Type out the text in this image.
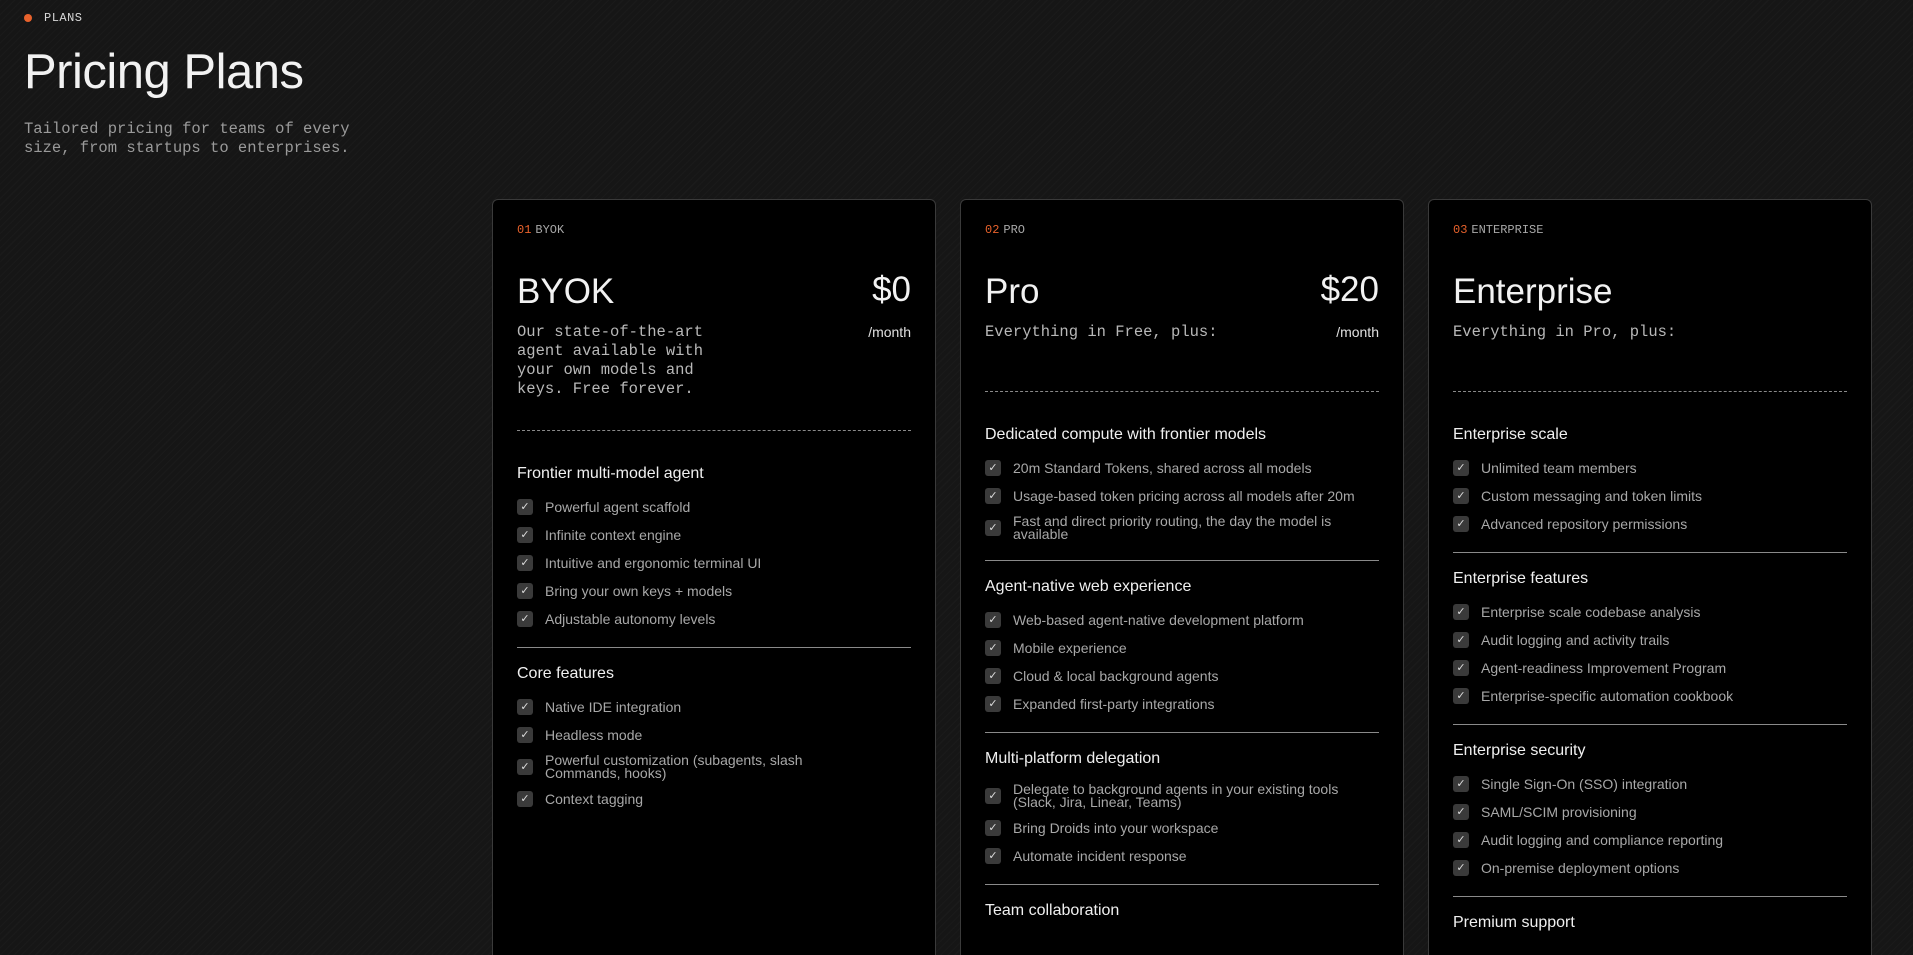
PLANS
Pricing Plans

Tailored pricing for teams of every size, from startups to enterprises.

01 BYOK
BYOK	$0
/month
Our state-of-the-art agent available with your own models and keys. Free forever.
Frontier multi-model agent
✓ Powerful agent scaffold
✓ Infinite context engine
✓ Intuitive and ergonomic terminal UI
✓ Bring your own keys + models
✓ Adjustable autonomy levels
Core features
✓ Native IDE integration
✓ Headless mode
✓ Powerful customization (subagents, slash Commands, hooks)
✓ Context tagging
02 PRO
Pro	$20
/month
Everything in Free, plus:
Dedicated compute with frontier models
✓ 20m Standard Tokens, shared across all models
✓ Usage-based token pricing across all models after 20m
✓ Fast and direct priority routing, the day the model is available
Agent-native web experience
✓ Web-based agent-native development platform
✓ Mobile experience
✓ Cloud & local background agents
✓ Expanded first-party integrations
Multi-platform delegation
✓ Delegate to background agents in your existing tools (Slack, Jira, Linear, Teams)
✓ Bring Droids into your workspace
✓ Automate incident response
Team collaboration
03 ENTERPRISE
Enterprise
Everything in Pro, plus:
Enterprise scale
✓ Unlimited team members
✓ Custom messaging and token limits
✓ Advanced repository permissions
Enterprise features
✓ Enterprise scale codebase analysis
✓ Audit logging and activity trails
✓ Agent-readiness Improvement Program
✓ Enterprise-specific automation cookbook
Enterprise security
✓ Single Sign-On (SSO) integration
✓ SAML/SCIM provisioning
✓ Audit logging and compliance reporting
✓ On-premise deployment options
Premium support
